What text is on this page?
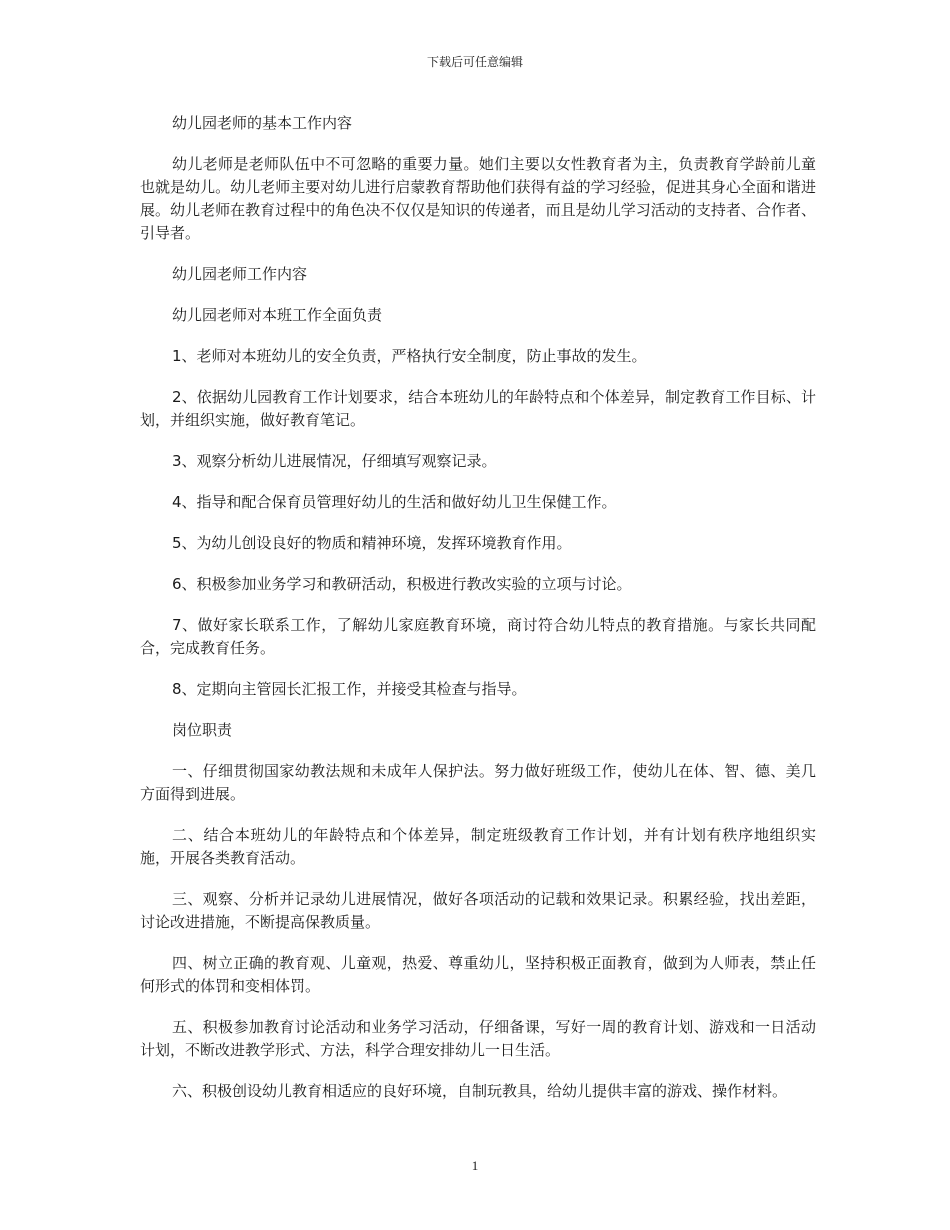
下载后可任意编辑

幼儿园老师的基本工作内容

幼儿老师是老师队伍中不可忽略的重要力量。她们主要以女性教育者为主，负责教育学龄前儿童也就是幼儿。幼儿老师主要对幼儿进行启蒙教育帮助他们获得有益的学习经验，促进其身心全面和谐进展。幼儿老师在教育过程中的角色决不仅仅是知识的传递者，而且是幼儿学习活动的支持者、合作者、引导者。

幼儿园老师工作内容

幼儿园老师对本班工作全面负责

1、老师对本班幼儿的安全负责，严格执行安全制度，防止事故的发生。

2、依据幼儿园教育工作计划要求，结合本班幼儿的年龄特点和个体差异，制定教育工作目标、计划，并组织实施，做好教育笔记。

3、观察分析幼儿进展情况，仔细填写观察记录。

4、指导和配合保育员管理好幼儿的生活和做好幼儿卫生保健工作。

5、为幼儿创设良好的物质和精神环境，发挥环境教育作用。

6、积极参加业务学习和教研活动，积极进行教改实验的立项与讨论。

7、做好家长联系工作，了解幼儿家庭教育环境，商讨符合幼儿特点的教育措施。与家长共同配合，完成教育任务。

8、定期向主管园长汇报工作，并接受其检查与指导。

岗位职责

一、仔细贯彻国家幼教法规和未成年人保护法。努力做好班级工作，使幼儿在体、智、德、美几方面得到进展。

二、结合本班幼儿的年龄特点和个体差异，制定班级教育工作计划，并有计划有秩序地组织实施，开展各类教育活动。

三、观察、分析并记录幼儿进展情况，做好各项活动的记载和效果记录。积累经验，找出差距，讨论改进措施，不断提高保教质量。

四、树立正确的教育观、儿童观，热爱、尊重幼儿，坚持积极正面教育，做到为人师表，禁止任何形式的体罚和变相体罚。

五、积极参加教育讨论活动和业务学习活动，仔细备课，写好一周的教育计划、游戏和一日活动计划，不断改进教学形式、方法，科学合理安排幼儿一日生活。

六、积极创设幼儿教育相适应的良好环境，自制玩教具，给幼儿提供丰富的游戏、操作材料。

1
